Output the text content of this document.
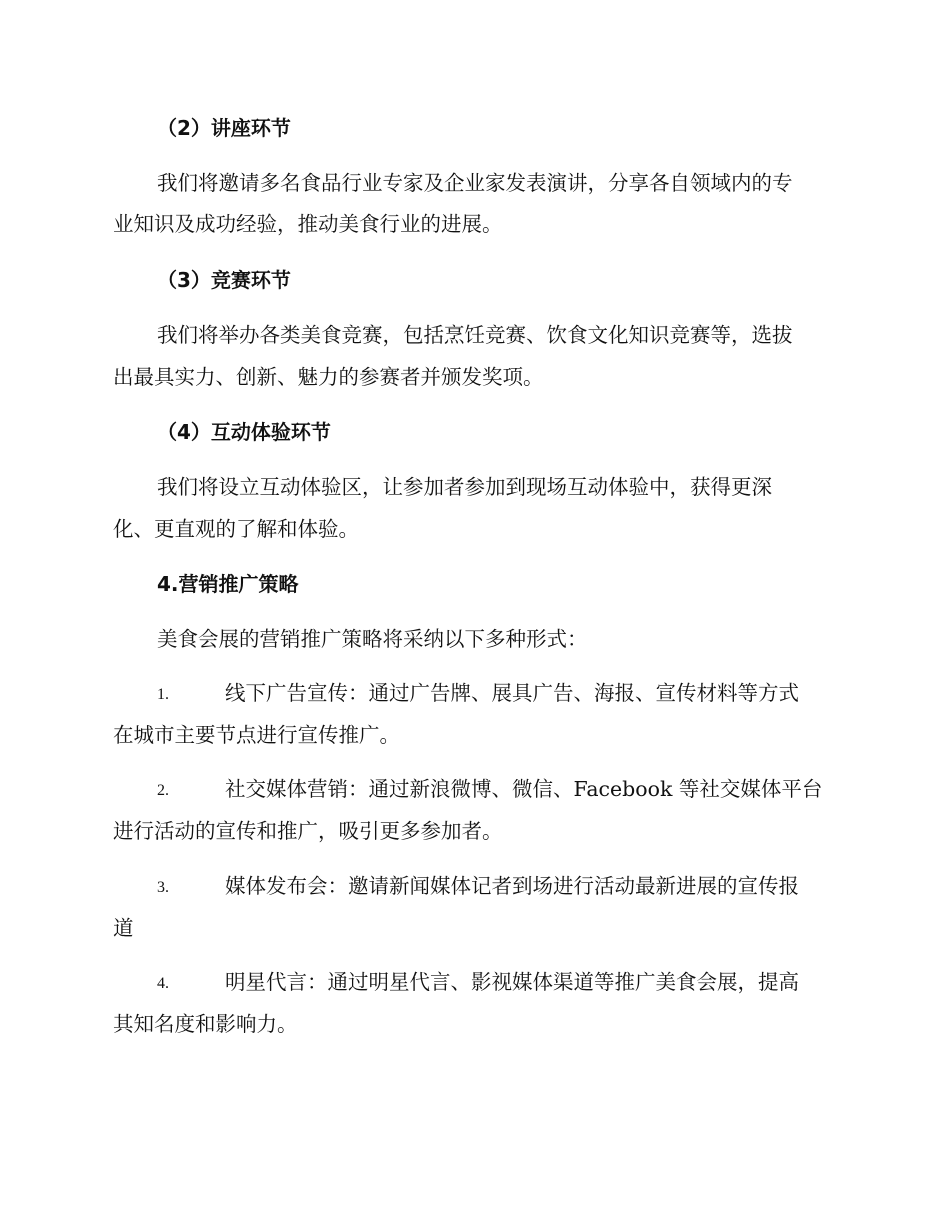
（2）讲座环节
我们将邀请多名食品行业专家及企业家发表演讲，分享各自领域内的专
业知识及成功经验，推动美食行业的进展。
（3）竞赛环节
我们将举办各类美食竞赛，包括烹饪竞赛、饮食文化知识竞赛等，选拔
出最具实力、创新、魅力的参赛者并颁发奖项。
（4）互动体验环节
我们将设立互动体验区，让参加者参加到现场互动体验中，获得更深
化、更直观的了解和体验。
4.营销推广策略
美食会展的营销推广策略将采纳以下多种形式：
1.	线下广告宣传：通过广告牌、展具广告、海报、宣传材料等方式
在城市主要节点进行宣传推广。
2.	社交媒体营销：通过新浪微博、微信、Facebook 等社交媒体平台
进行活动的宣传和推广，吸引更多参加者。
3.	媒体发布会：邀请新闻媒体记者到场进行活动最新进展的宣传报
道
4.	明星代言：通过明星代言、影视媒体渠道等推广美食会展，提高
其知名度和影响力。
